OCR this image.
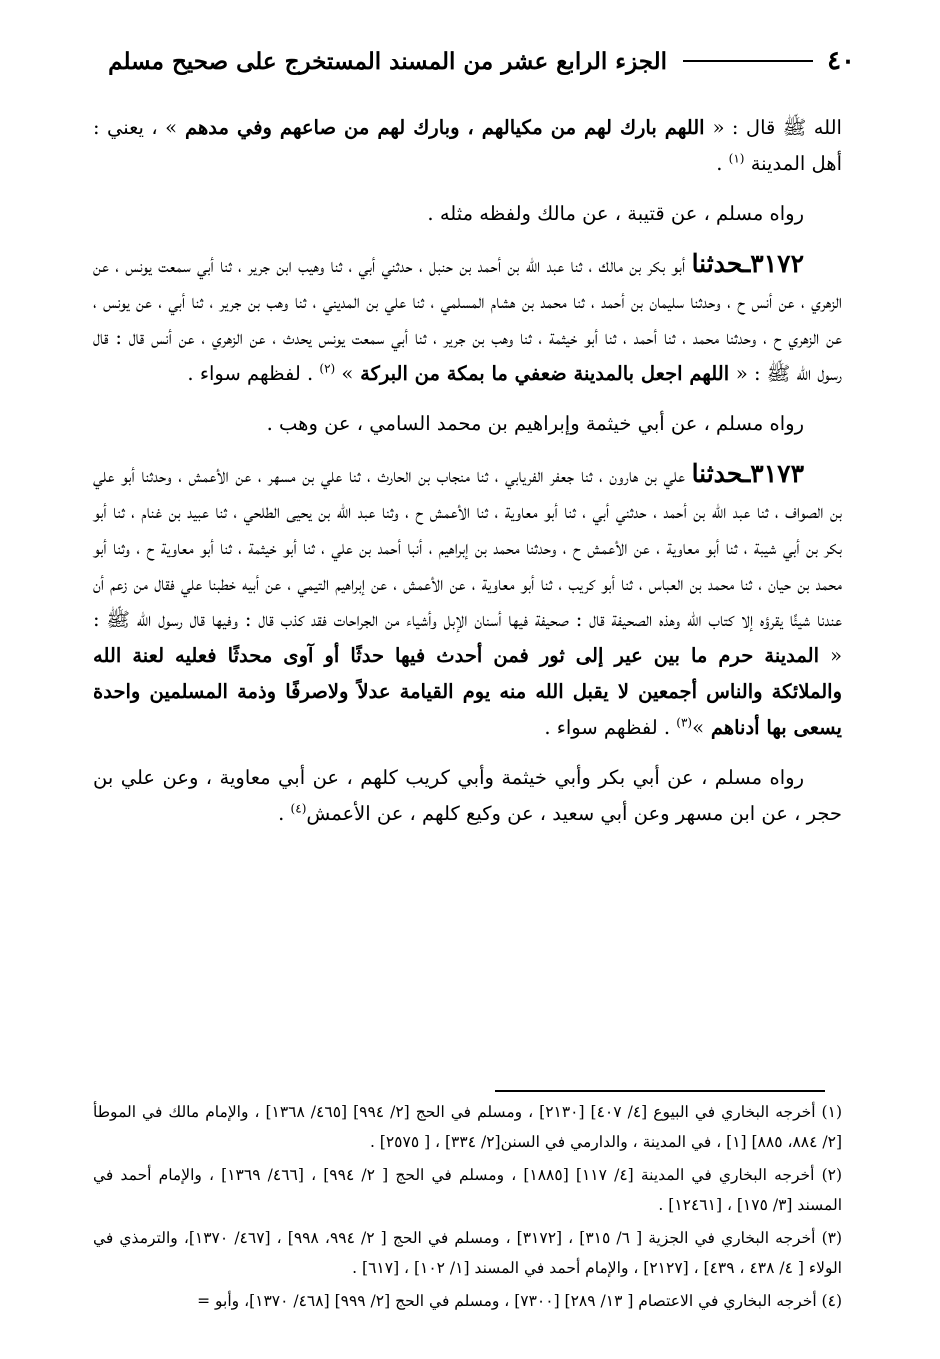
٤٠
الجزء الرابع عشر من المسند المستخرج على صحيح مسلم

الله ﷺ قال : « اللهم بارك لهم من مكيالهم ، وبارك لهم من صاعهم وفي مدهم » ، يعني : أهل المدينة $^{(١)}$ .

رواه مسلم ، عن قتيبة ، عن مالك ولفظه مثله .

٣١٧٢ـحدثنا أبو بكر بن مالك ، ثنا عبد الله بن أحمد بن حنبل ، حدثني أبي ، ثنا وهيب ابن جرير ، ثنا أبي سمعت يونس ، عن الزهري ، عن أنس ح ، وحدثنا سليمان بن أحمد ، ثنا محمد بن هشام المسلمي ، ثنا علي بن المديني ، ثنا وهب بن جرير ، ثنا أبي ، عن يونس ، عن الزهري ح ، وحدثنا محمد ، ثنا أحمد ، ثنا أبو خيثمة ، ثنا وهب بن جرير ، ثنا أبي سمعت يونس يحدث ، عن الزهري ، عن أنس قال : قال رسول الله ﷺ : « اللهم اجعل بالمدينة ضعفي ما بمكة من البركة » $^{(٢)}$ . لفظهم سواء .

رواه مسلم ، عن أبي خيثمة وإبراهيم بن محمد السامي ، عن وهب .

٣١٧٣ـحدثنا علي بن هارون ، ثنا جعفر الفريابي ، ثنا منجاب بن الحارث ، ثنا علي بن مسهر ، عن الأعمش ، وحدثنا أبو علي بن الصواف ، ثنا عبد الله بن أحمد ، حدثني أبي ، ثنا أبو معاوية ، ثنا الأعمش ح ، وثنا عبد الله بن يحيى الطلحي ، ثنا عبيد بن غنام ، ثنا أبو بكر بن أبي شيبة ، ثنا أبو معاوية ، عن الأعمش ح ، وحدثنا محمد بن إبراهيم ، أنبا أحمد بن علي ، ثنا أبو خيثمة ، ثنا أبو معاوية ح ، وثنا أبو محمد بن حيان ، ثنا محمد بن العباس ، ثنا أبو كريب ، ثنا أبو معاوية ، عن الأعمش ، عن إبراهيم التيمي ، عن أبيه خطبنا علي فقال من زعم أن عندنا شيئًا يقرؤه إلا كتاب الله وهذه الصحيفة قال : صحيفة فيها أسنان الإبل وأشياء من الجراحات فقد كذب قال : وفيها قال رسول الله ﷺ : « المدينة حرم ما بين عير إلى ثور فمن أحدث فيها حدثًا أو آوى محدثًا فعليه لعنة الله والملائكة والناس أجمعين لا يقبل الله منه يوم القيامة عدلاً ولاصرفًا وذمة المسلمين واحدة يسعى بها أدناهم »$^{(٣)}$ . لفظهم سواء .

رواه مسلم ، عن أبي بكر وأبي خيثمة وأبي كريب كلهم ، عن أبي معاوية ، وعن علي بن حجر ، عن ابن مسهر وعن أبي سعيد ، عن وكيع كلهم ، عن الأعمش$^{(٤)}$ .

(١) أخرجه البخاري في البيوع [٤/ ٤٠٧] [٢١٣٠] ، ومسلم في الحج [٢/ ٩٩٤] [٤٦٥/ ١٣٦٨] ، والإمام مالك في الموطأ [٢/ ٨٨٤، ٨٨٥] [١] ، في المدينة ، والدارمي في السنن[٢/ ٣٣٤] ، [ ٢٥٧٥] .

(٢) أخرجه البخاري في المدينة [٤/ ١١٧] [١٨٨٥] ، ومسلم في الحج [ ٢/ ٩٩٤] ، [٤٦٦/ ١٣٦٩] ، والإمام أحمد في المسند [٣/ ١٧٥] ، [١٢٤٦١] .

(٣) أخرجه البخاري في الجزية [ ٦/ ٣١٥] ، [٣١٧٢] ، ومسلم في الحج [ ٢/ ٩٩٤، ٩٩٨] ، [٤٦٧/ ١٣٧٠]، والترمذي في الولاء [ ٤/ ٤٣٨ ، ٤٣٩] ، [٢١٢٧] ، والإمام أحمد في المسند [١/ ١٠٢] ، [٦١٧] .

(٤) أخرجه البخاري في الاعتصام [ ١٣/ ٢٨٩] [٧٣٠٠] ، ومسلم في الحج [٢/ ٩٩٩] [٤٦٨/ ١٣٧٠]، وأبو =
